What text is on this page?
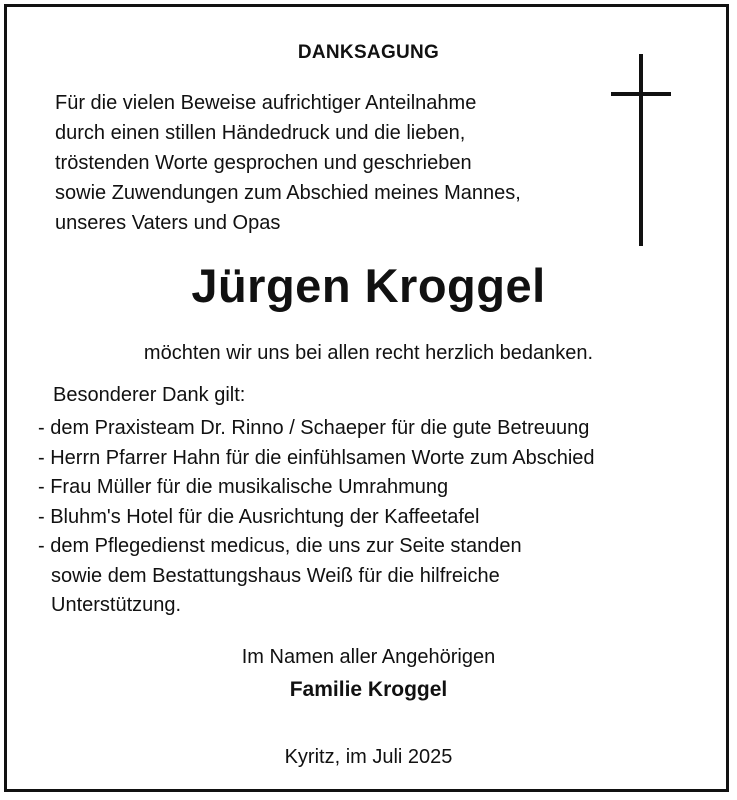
DANKSAGUNG
Für die vielen Beweise aufrichtiger Anteilnahme
durch einen stillen Händedruck und die lieben,
tröstenden Worte gesprochen und geschrieben
sowie Zuwendungen zum Abschied meines Mannes,
unseres Vaters und Opas
Jürgen Kroggel
möchten wir uns bei allen recht herzlich bedanken.
Besonderer Dank gilt:
- dem Praxisteam Dr. Rinno / Schaeper für die gute Betreuung
- Herrn Pfarrer Hahn für die einfühlsamen Worte zum Abschied
- Frau Müller für die musikalische Umrahmung
- Bluhm's Hotel für die Ausrichtung der Kaffeetafel
- dem Pflegedienst medicus, die uns zur Seite standen
sowie dem Bestattungshaus Weiß für die hilfreiche
Unterstützung.
Im Namen aller Angehörigen
Familie Kroggel
Kyritz, im Juli 2025
